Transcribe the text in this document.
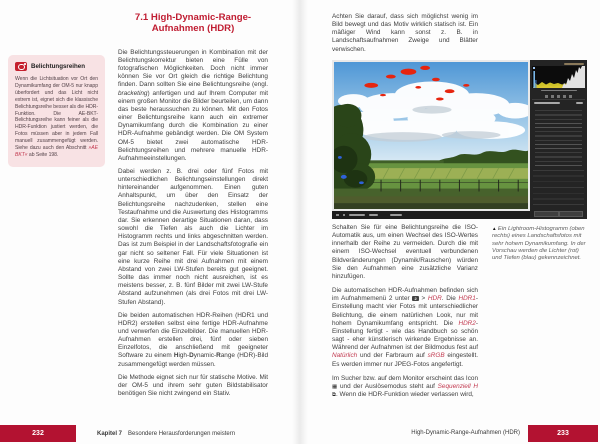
Belichtungsreihen

Wenn die Lichtsituation vor Ort den Dynamikumfang der OM-5 nur knapp überfordert und das Licht nicht extrem ist, eignet sich die klassische Belichtungsreihe besser als die HDR-Funktion. Die AE-BKT-Belichtungsreihe kann feiner als die HDR-Funktion justiert werden, die Fotos müssen aber in jedem Fall manuell zusammengefügt werden. Siehe dazu auch den Abschnitt »AE BKT« ab Seite 198.

7.1 High-Dynamic-Range-Aufnahmen (HDR)

Die Belichtungssteuerungen in Kombination mit der Belichtungskorrektur bieten eine Fülle von fotografischen Möglichkeiten. Doch nicht immer können Sie vor Ort gleich die richtige Belichtung finden. Dann sollten Sie eine Belichtungsreihe (engl. bracketing) anfertigen und auf Ihrem Computer mit einem großen Monitor die Bilder beurteilen, um dann das beste heraussuchen zu können. Mit den Fotos einer Belichtungsreihe kann auch ein extremer Dynamikumfang durch die Kombination zu einer HDR-Aufnahme gebändigt werden. Die OM System OM-5 bietet zwei automatische HDR-Belichtungsreihen und mehrere manuelle HDR-Aufnahmeeinstellungen.

Dabei werden z. B. drei oder fünf Fotos mit unterschiedlichen Belichtungseinstellungen direkt hintereinander aufgenommen. Einen guten Anhaltspunkt, um über den Einsatz der Belichtungsreihe nachzudenken, stellen eine Testaufnahme und die Auswertung des Histogramms dar. Sie erkennen derartige Situationen daran, dass sowohl die Tiefen als auch die Lichter im Histogramm rechts und links abgeschnitten werden. Das ist zum Beispiel in der Landschaftsfotografie ein gar nicht so seltener Fall. Für viele Situationen ist eine kurze Reihe mit drei Aufnahmen mit einem Abstand von zwei LW-Stufen bereits gut geeignet. Sollte das immer noch nicht ausreichen, ist es meistens besser, z. B. fünf Bilder mit zwei LW-Stufe Abstand aufzunehmen (als drei Fotos mit drei LW-Stufen Abstand).

Die beiden automatischen HDR-Reihen (HDR1 und HDR2) erstellen selbst eine fertige HDR-Aufnahme und verwerfen die Einzelbilder. Die manuellen HDR-Aufnahmen erstellen drei, fünf oder sieben Einzelfotos, die anschließend mit geeigneter Software zu einem High-Dynamic-Range (HDR)-Bild zusammengefügt werden müssen.

Die Methode eignet sich nur für statische Motive. Mit der OM-5 und ihrem sehr guten Bildstabilisator benötigen Sie nicht zwingend ein Stativ.

232	Kapitel 7 Besondere Herausforderungen meistern

Achten Sie darauf, dass sich möglichst wenig im Bild bewegt und das Motiv wirklich statisch ist. Ein mäßiger Wind kann sonst z. B. in Landschaftsaufnahmen Zweige und Blätter verwischen.

▲ Ein Lightroom-Histogramm (oben rechts) eines Landschaftsfotos mit sehr hohem Dynamikumfang. In der Vorschau werden die Lichter (rot) und Tiefen (blau) gekennzeichnet.

Schalten Sie für eine Belichtungsreihe die ISO-Automatik aus, um einen Wechsel des ISO-Wertes innerhalb der Reihe zu vermeiden. Durch die mit einem ISO-Wechsel eventuell verbundenen Bildveränderungen (Dynamik/Rauschen) würden Sie den Aufnahmen eine zusätzliche Varianz hinzufügen.

Die automatischen HDR-Aufnahmen befinden sich im Aufnahmemenü 2 unter 2 > HDR. Die HDR1-Einstellung macht vier Fotos mit unterschiedlicher Belichtung, die einem natürlichen Look, nur mit hohem Dynamikumfang entspricht. Die HDR2-Einstellung fertigt - wie das Handbuch so schön sagt - eher künstlerisch wirkende Ergebnisse an. Während der Aufnahmen ist der Bildmodus fest auf Natürlich und der Farbraum auf sRGB eingestellt. Es werden immer nur JPEG-Fotos angefertigt.

Im Sucher bzw. auf dem Monitor erscheint das Icon ▦ und der Auslösemodus steht auf Sequenziell H ⧉. Wenn die HDR-Funktion wieder verlassen wird,

High-Dynamic-Range-Aufnahmen (HDR)	233
